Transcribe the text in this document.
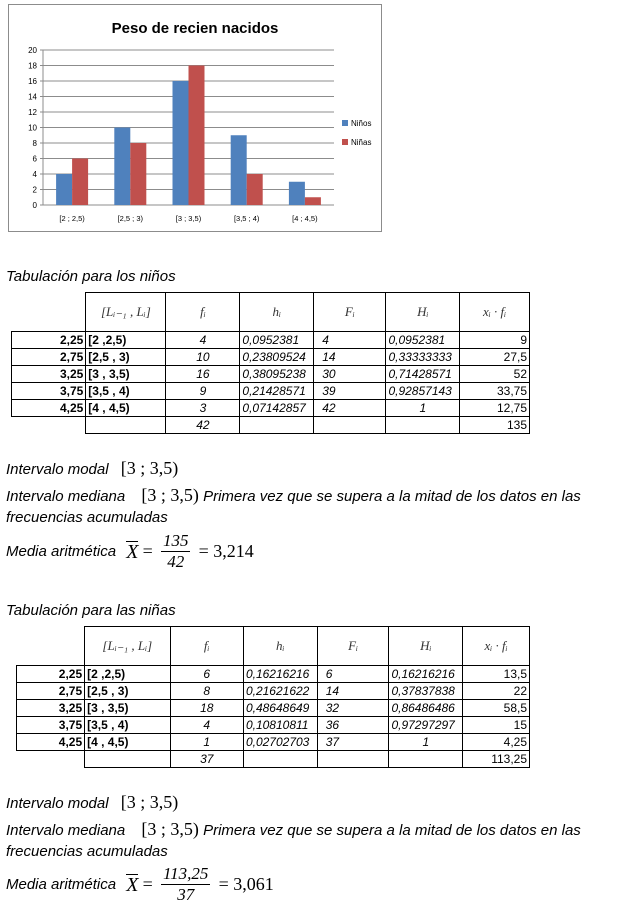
Peso de recien nacidos
0
2
4
6
8
10
12
14
16
18
20
[2 ; 2,5)	[2,5 ; 3)	[3 ; 3,5)	[3,5 ; 4)	[4 ; 4,5)
Niños
Niñas
Tabulación para los niños
	[Lᵢ₋₁ , Lᵢ]	fᵢ	hᵢ	Fᵢ	Hᵢ	xᵢ · fᵢ
2,25	[2 ,2,5)	4	0,0952381	4	0,0952381	9
2,75	[2,5 , 3)	10	0,23809524	14	0,33333333	27,5
3,25	[3 , 3,5)	16	0,38095238	30	0,71428571	52
3,75	[3,5 , 4)	9	0,21428571	39	0,92857143	33,75
4,25	[4 , 4,5)	3	0,07142857	42	1	12,75
		42				135
Intervalo modal [3 ; 3,5)
Intervalo mediana [3 ; 3,5) Primera vez que se supera a la mitad de los datos en las
frecuencias acumuladas
Media aritmética $X = \frac{135}{42} = 3,214$
Tabulación para las niñas
	[Lᵢ₋₁ , Lᵢ]	fᵢ	hᵢ	Fᵢ	Hᵢ	xᵢ · fᵢ
2,25	[2 ,2,5)	6	0,16216216	6	0,16216216	13,5
2,75	[2,5 , 3)	8	0,21621622	14	0,37837838	22
3,25	[3 , 3,5)	18	0,48648649	32	0,86486486	58,5
3,75	[3,5 , 4)	4	0,10810811	36	0,97297297	15
4,25	[4 , 4,5)	1	0,02702703	37	1	4,25
		37				113,25
Intervalo modal [3 ; 3,5)
Intervalo mediana [3 ; 3,5) Primera vez que se supera a la mitad de los datos en las
frecuencias acumuladas
Media aritmética $X = \frac{113,25}{37} = 3,061$
